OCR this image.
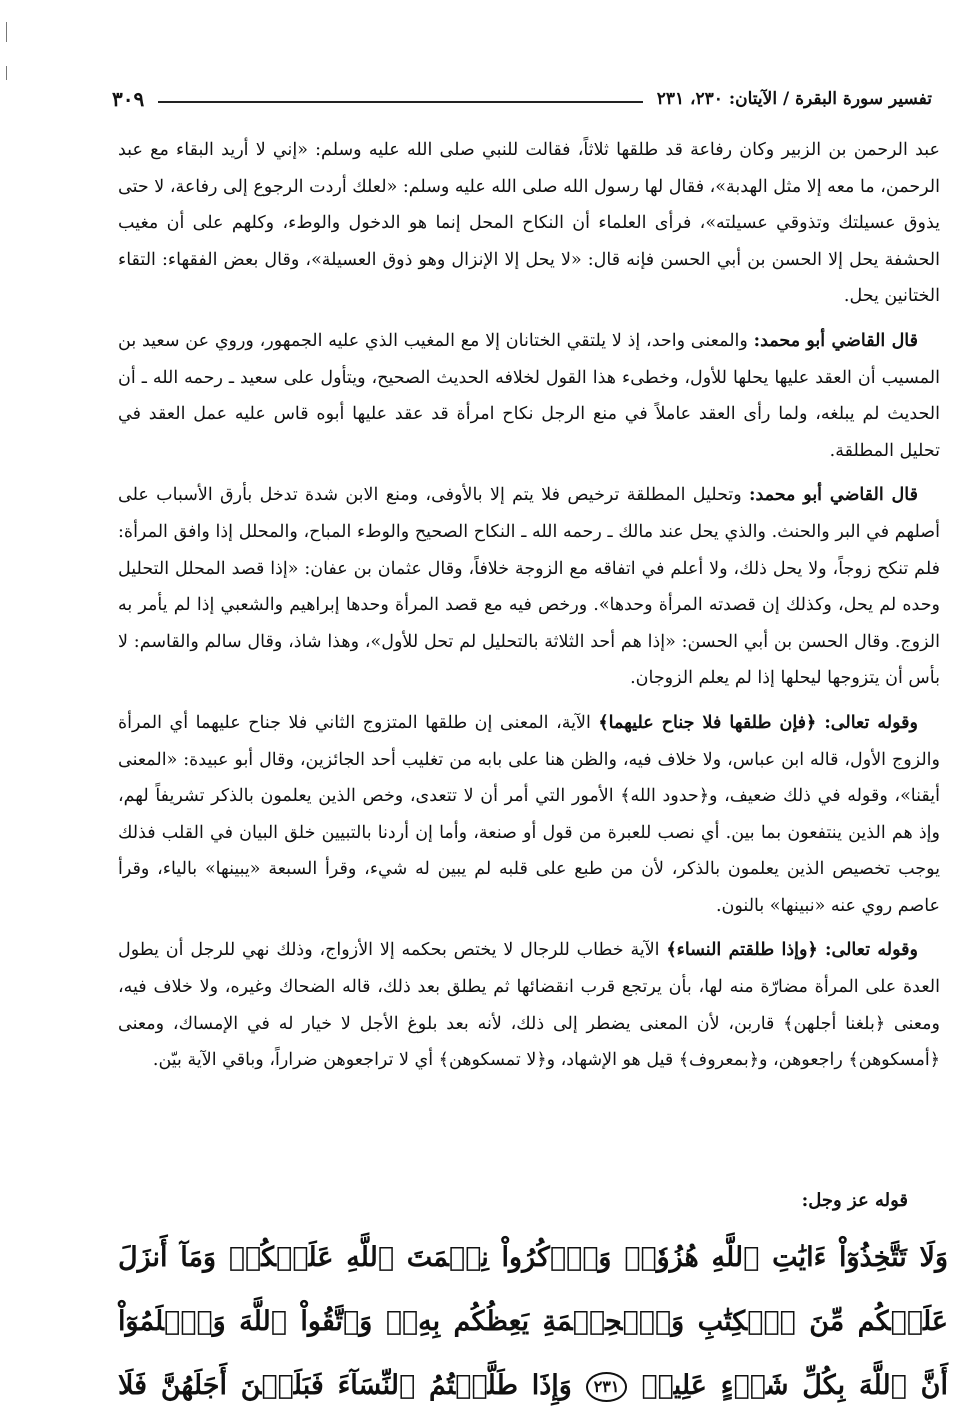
تفسير سورة البقرة / الآيتان: ٢٣٠، ٢٣١
٣٠٩

عبد الرحمن بن الزبير وكان رفاعة قد طلقها ثلاثاً، فقالت للنبي صلى الله عليه وسلم: «إني لا أريد البقاء مع عبد الرحمن، ما معه إلا مثل الهدبة»، فقال لها رسول الله صلى الله عليه وسلم: «لعلك أردت الرجوع إلى رفاعة، لا حتى يذوق عسيلتك وتذوقي عسيلته»، فرأى العلماء أن النكاح المحل إنما هو الدخول والوطء، وكلهم على أن مغيب الحشفة يحل إلا الحسن بن أبي الحسن فإنه قال: «لا يحل إلا الإنزال وهو ذوق العسيلة»، وقال بعض الفقهاء: التقاء الختانين يحل.

قال القاضي أبو محمد: والمعنى واحد، إذ لا يلتقي الختانان إلا مع المغيب الذي عليه الجمهور، وروي عن سعيد بن المسيب أن العقد عليها يحلها للأول، وخطىء هذا القول لخلافه الحديث الصحيح، ويتأول على سعيد ـ رحمه الله ـ أن الحديث لم يبلغه، ولما رأى العقد عاملاً في منع الرجل نكاح امرأة قد عقد عليها أبوه قاس عليه عمل العقد في تحليل المطلقة.

قال القاضي أبو محمد: وتحليل المطلقة ترخيص فلا يتم إلا بالأوفى، ومنع الابن شدة تدخل بأرق الأسباب على أصلهم في البر والحنث. والذي يحل عند مالك ـ رحمه الله ـ النكاح الصحيح والوطء المباح، والمحلل إذا وافق المرأة: فلم تنكح زوجاً، ولا يحل ذلك، ولا أعلم في اتفاقه مع الزوجة خلافاً، وقال عثمان بن عفان: «إذا قصد المحلل التحليل وحده لم يحل، وكذلك إن قصدته المرأة وحدها». ورخص فيه مع قصد المرأة وحدها إبراهيم والشعبي إذا لم يأمر به الزوج. وقال الحسن بن أبي الحسن: «إذا هم أحد الثلاثة بالتحليل لم تحل للأول»، وهذا شاذ، وقال سالم والقاسم: لا بأس أن يتزوجها ليحلها إذا لم يعلم الزوجان.

وقوله تعالى: ﴿فإن طلقها فلا جناح عليهما﴾ الآية، المعنى إن طلقها المتزوج الثاني فلا جناح عليهما أي المرأة والزوج الأول، قاله ابن عباس، ولا خلاف فيه، والظن هنا على بابه من تغليب أحد الجائزين، وقال أبو عبيدة: «المعنى أيقنا»، وقوله في ذلك ضعيف، و﴿حدود الله﴾ الأمور التي أمر أن لا تتعدى، وخص الذين يعلمون بالذكر تشريفاً لهم، وإذ هم الذين ينتفعون بما بين. أي نصب للعبرة من قول أو صنعة، وأما إن أردنا بالتبيين خلق البيان في القلب فذلك يوجب تخصيص الذين يعلمون بالذكر، لأن من طبع على قلبه لم يبين له شيء، وقرأ السبعة «يبينها» بالياء، وقرأ عاصم روي عنه «نبينها» بالنون.

وقوله تعالى: ﴿وإذا طلقتم النساء﴾ الآية خطاب للرجال لا يختص بحكمه إلا الأزواج، وذلك نهي للرجل أن يطول العدة على المرأة مضارّة منه لها، بأن يرتجع قرب انقضائها ثم يطلق بعد ذلك، قاله الضحاك وغيره، ولا خلاف فيه، ومعنى ﴿بلغنا أجلهن﴾ قاربن، لأن المعنى يضطر إلى ذلك، لأنه بعد بلوغ الأجل لا خيار له في الإمساك، ومعنى ﴿أمسكوهن﴾ راجعوهن، و﴿بمعروف﴾ قيل هو الإشهاد، و﴿لا تمسكوهن﴾ أي لا تراجعوهن ضراراً، وباقي الآية بيّن.

قوله عز وجل:
وَلَا تَتَّخِذُوٓاْ ءَايَٰتِ ٱللَّهِ هُزُوٗاۚ وَٱذۡكُرُواْ نِعۡمَتَ ٱللَّهِ عَلَيۡكُمۡ وَمَآ أَنزَلَ عَلَيۡكُم مِّنَ ٱلۡكِتَٰبِ وَٱلۡحِكۡمَةِ يَعِظُكُم بِهِۦۚ وَٱتَّقُواْ ٱللَّهَ وَٱعۡلَمُوٓاْ أَنَّ ٱللَّهَ بِكُلِّ شَيۡءٍ عَلِيمٞ ٢٣١ وَإِذَا طَلَّقۡتُمُ ٱلنِّسَآءَ فَبَلَغۡنَ أَجَلَهُنَّ فَلَا
